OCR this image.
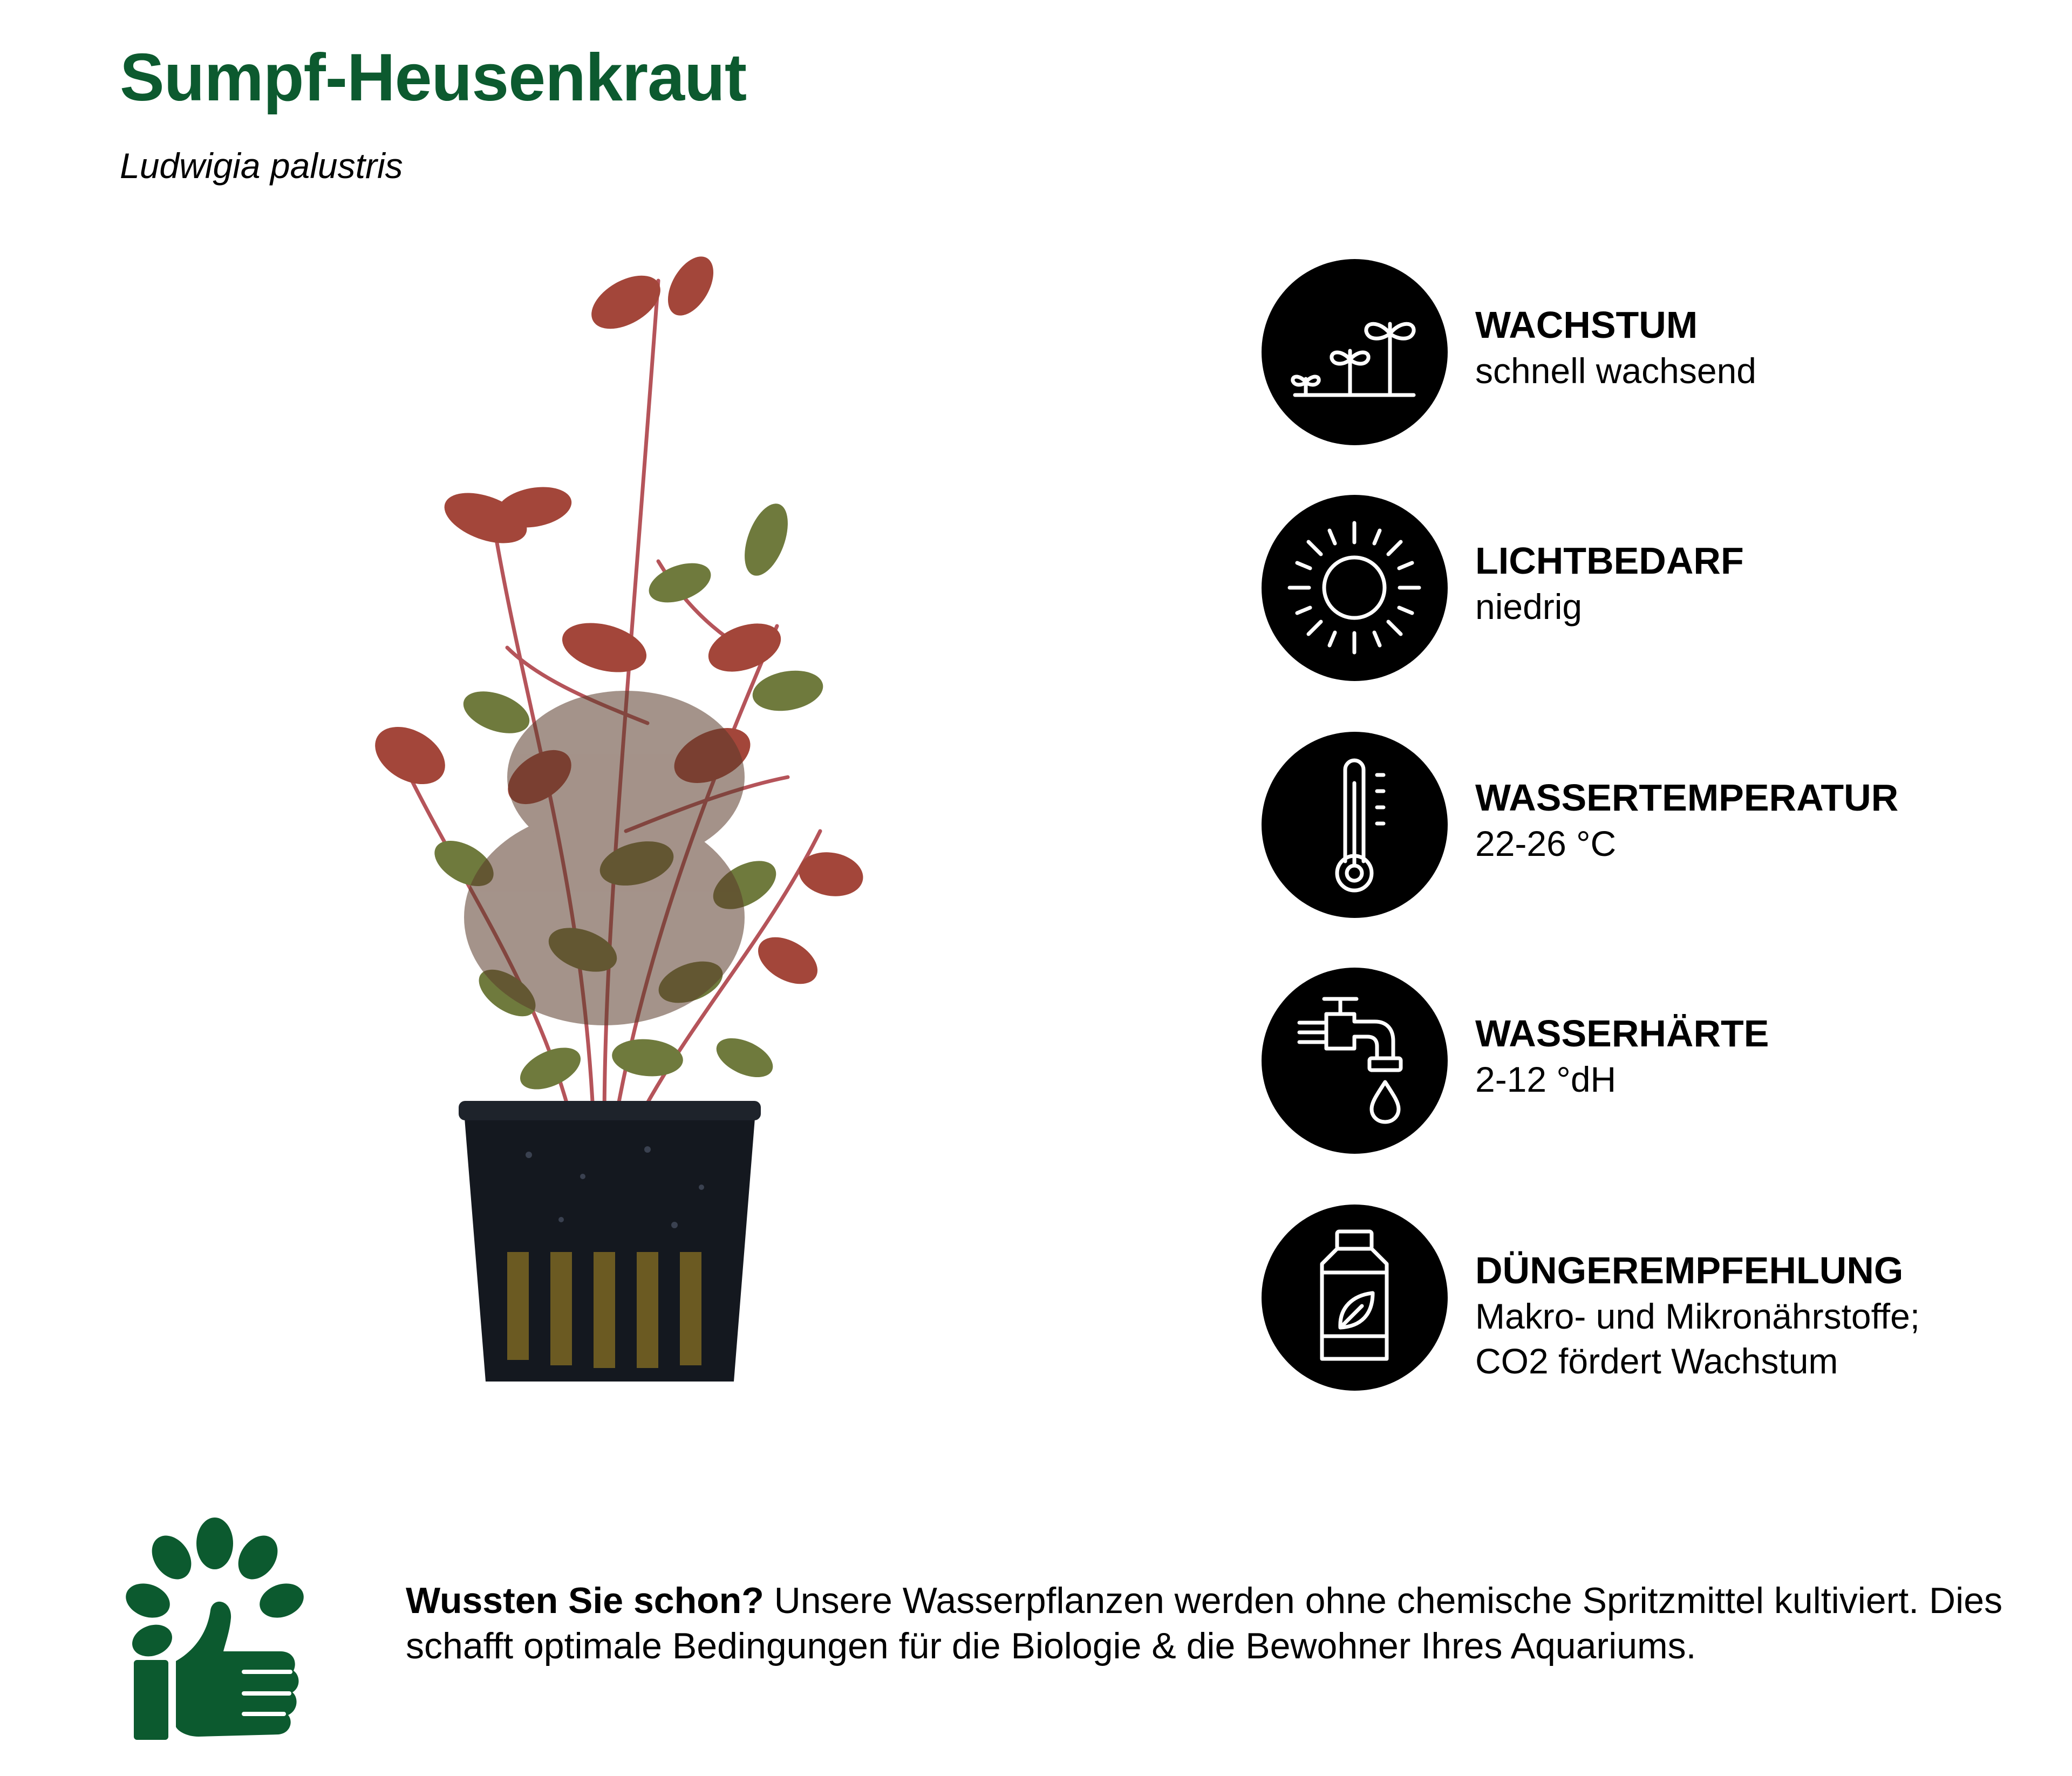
Sumpf-Heusenkraut
Ludwigia palustris
WACHSTUM
schnell wachsend
LICHTBEDARF
niedrig
WASSERTEMPERATUR
22-26 °C
WASSERHÄRTE
2-12 °dH
DÜNGEREMPFEHLUNG
Makro- und Mikronährstoffe;
CO2 fördert Wachstum
Wussten Sie schon? Unsere Wasserpflanzen werden ohne chemische Spritzmittel kultiviert. Dies schafft optimale Bedingungen für die Biologie & die Bewohner Ihres Aquariums.
